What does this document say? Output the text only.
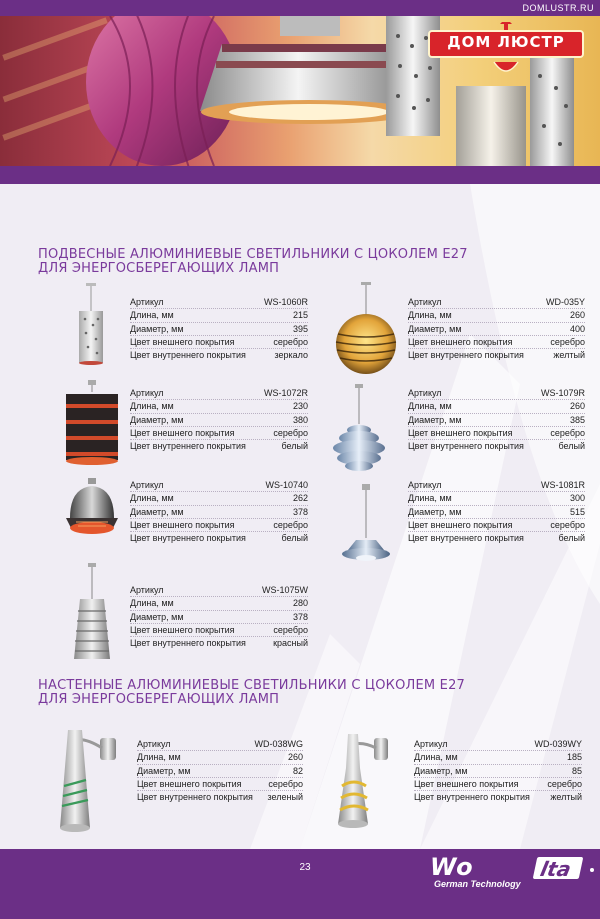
DOMLUSTR.RU
ДОМ ЛЮСТР
ПОДВЕСНЫЕ АЛЮМИНИЕВЫЕ СВЕТИЛЬНИКИ С ЦОКОЛЕМ Е27
ДЛЯ ЭНЕРГОСБЕРЕГАЮЩИХ ЛАМП
Артикул	WS-1060R
Длина, мм	215
Диаметр, мм	395
Цвет внешнего покрытия	серебро
Цвет внутреннего покрытия	зеркало
Артикул	WD-035Y
Длина, мм	260
Диаметр, мм	400
Цвет внешнего покрытия	серебро
Цвет внутреннего покрытия	желтый
Артикул	WS-1072R
Длина, мм	230
Диаметр, мм	380
Цвет внешнего покрытия	серебро
Цвет внутреннего покрытия	белый
Артикул	WS-1079R
Длина, мм	260
Диаметр, мм	385
Цвет внешнего покрытия	серебро
Цвет внутреннего покрытия	белый
Артикул	WS-10740
Длина, мм	262
Диаметр, мм	378
Цвет внешнего покрытия	серебро
Цвет внутреннего покрытия	белый
Артикул	WS-1081R
Длина, мм	300
Диаметр, мм	515
Цвет внешнего покрытия	серебро
Цвет внутреннего покрытия	белый
Артикул	WS-1075W
Длина, мм	280
Диаметр, мм	378
Цвет внешнего покрытия	серебро
Цвет внутреннего покрытия	красный
НАСТЕННЫЕ АЛЮМИНИЕВЫЕ СВЕТИЛЬНИКИ С ЦОКОЛЕМ Е27
ДЛЯ ЭНЕРГОСБЕРЕГАЮЩИХ ЛАМП
Артикул	WD-038WG
Длина, мм	260
Диаметр, мм	82
Цвет внешнего покрытия	серебро
Цвет внутреннего покрытия зеленый
Артикул	WD-039WY
Длина, мм	185
Диаметр, мм	85
Цвет внешнего покрытия	серебро
Цвет внутреннего покрытия желтый
23	Wo	lta
German Technology
